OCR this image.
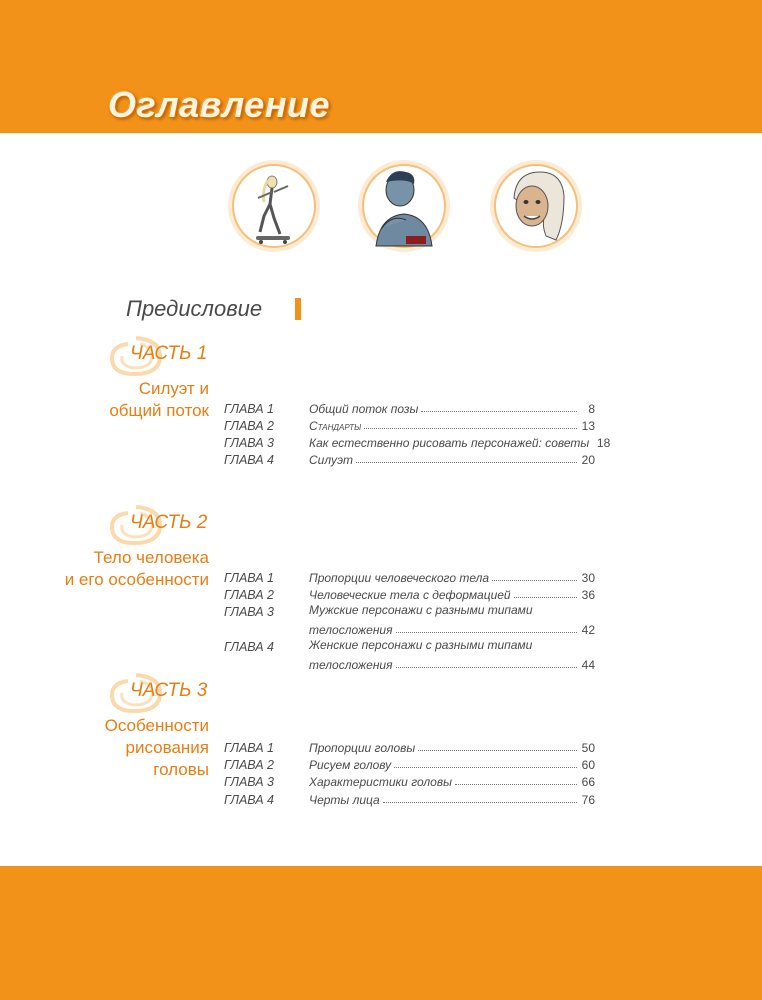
Оглавление
Предисловие
ЧАСТЬ 1
Силуэт и
общий поток ГЛАВА 1	Общий поток позы	8
ГЛАВА 2	Стандарты	13
ГЛАВА 3	Как естественно рисовать персонажей: советы 18
ГЛАВА 4	Силуэт	20
ЧАСТЬ 2
Тело человека
и его особенности ГЛАВА 1	Пропорции человеческого тела	30
ГЛАВА 2	Человеческие тела с деформацией	36
ГЛАВА 3	Мужские персонажи с разными типами
телосложения	42
ГЛАВА 4	Женские персонажи с разными типами
телосложения	44
ЧАСТЬ 3
Особенности
рисования
головы
ГЛАВА 1	Пропорции головы	50
ГЛАВА 2	Рисуем голову	60
ГЛАВА 3	Характеристики головы	66
ГЛАВА 4	Черты лица	76
